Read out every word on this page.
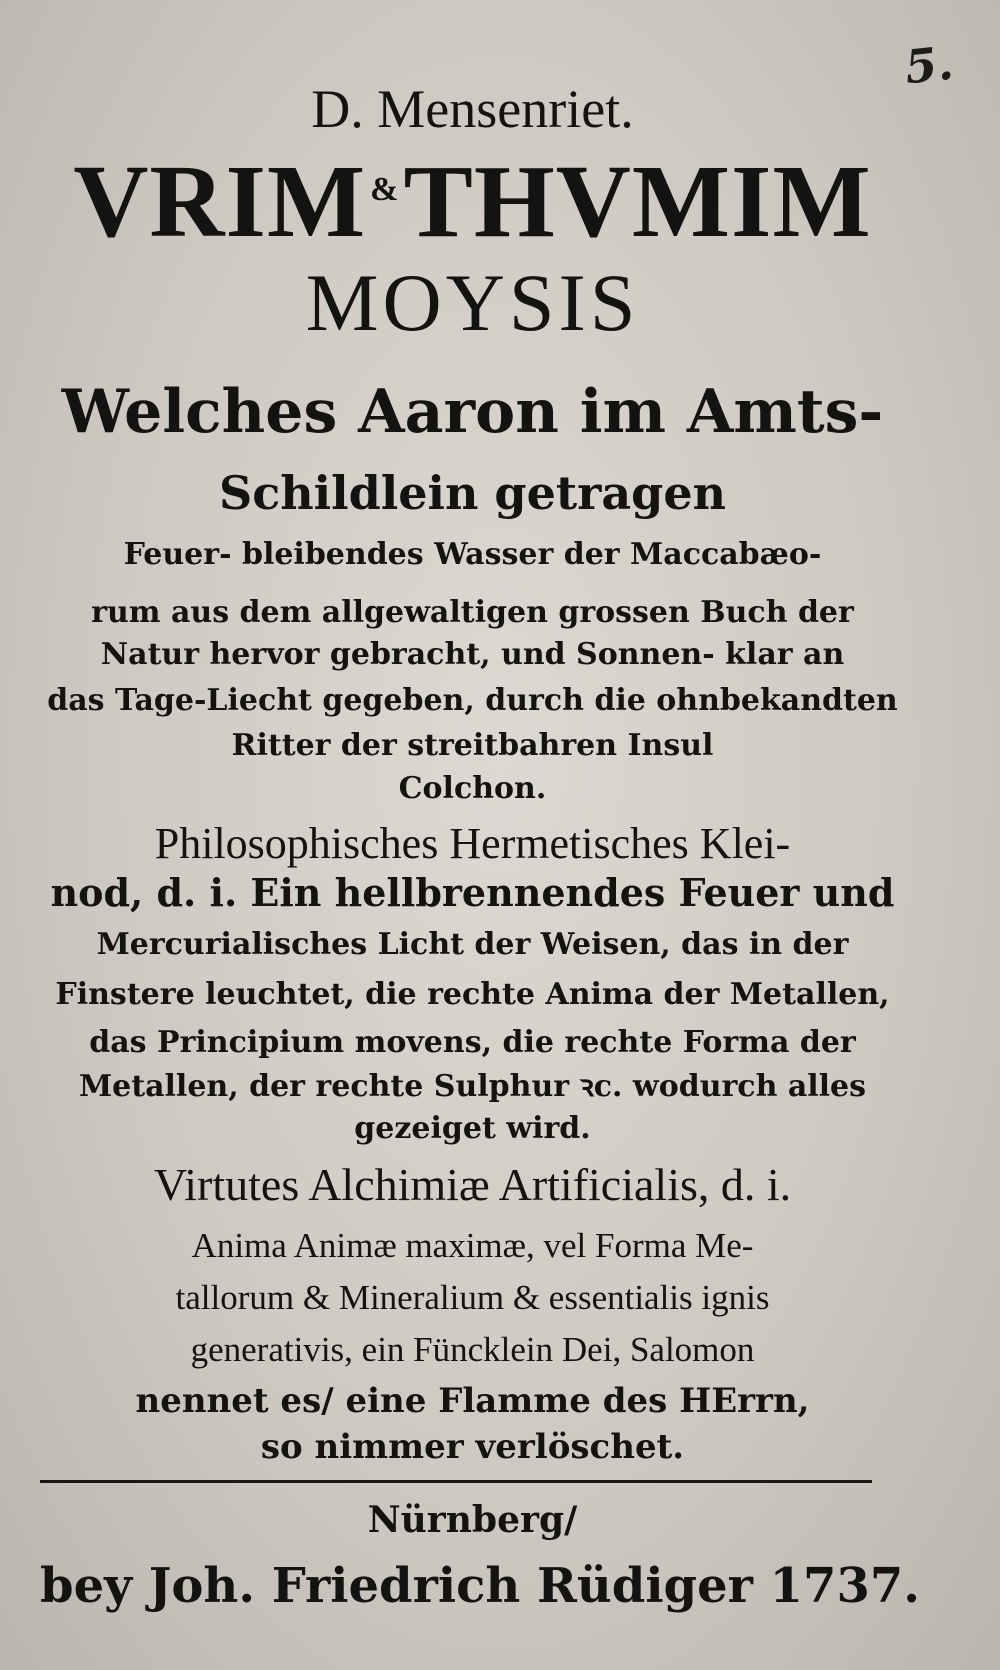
5.

D. Mensenriet.

VRIM &THVMIM

MOYSIS

Welches Aaron im Amts-

Schildlein getragen

Feuer- bleibendes Wasser der Maccabæo-

rum aus dem allgewaltigen grossen Buch der

Natur hervor gebracht, und Sonnen- klar an

das Tage-Liecht gegeben, durch die ohnbekandten

Ritter der streitbahren Insul

Colchon.

Philosophisches Hermetisches Klei-

nod, d. i. Ein hellbrennendes Feuer und

Mercurialisches Licht der Weisen, das in der

Finstere leuchtet, die rechte Anima der Metallen,

das Principium movens, die rechte Forma der

Metallen, der rechte Sulphur ꝛc. wodurch alles

gezeiget wird.

Virtutes Alchimiæ Artificialis, d. i.

Anima Animæ maximæ, vel Forma Me-

tallorum & Mineralium & essentialis ignis

generativis, ein Füncklein Dei, Salomon

nennet es/ eine Flamme des HErrn,

so nimmer verlöschet.

Nürnberg/

bey Joh. Friedrich Rüdiger 1737.
